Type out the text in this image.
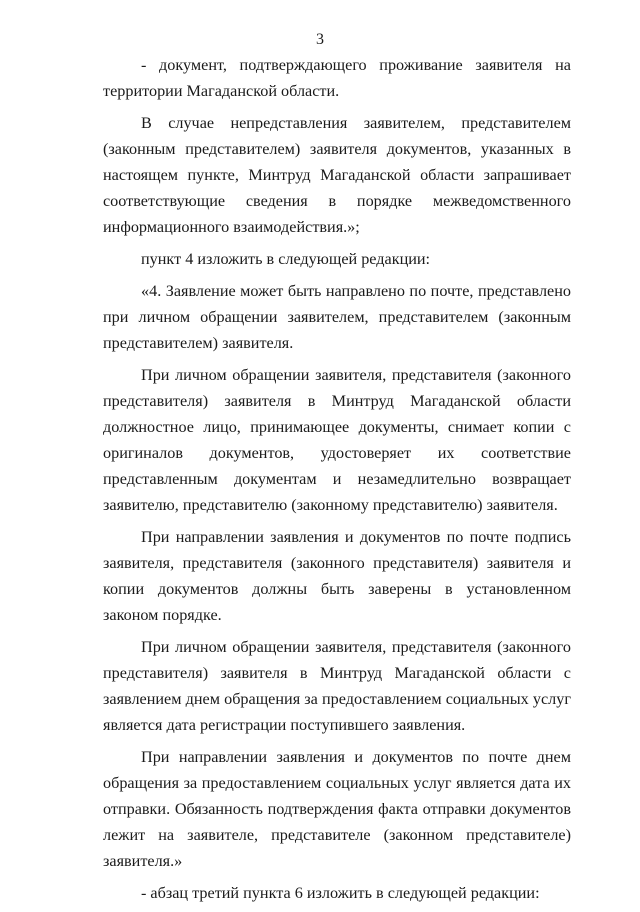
3

- документ, подтверждающего проживание заявителя на территории Магаданской области.

В случае непредставления заявителем, представителем (законным представителем) заявителя документов, указанных в настоящем пункте, Минтруд Магаданской области запрашивает соответствующие сведения в порядке межведомственного информационного взаимодействия.»;

пункт 4 изложить в следующей редакции:

«4. Заявление может быть направлено по почте, представлено при личном обращении заявителем, представителем (законным представителем) заявителя.

При личном обращении заявителя, представителя (законного представителя) заявителя в Минтруд Магаданской области должностное лицо, принимающее документы, снимает копии с оригиналов документов, удостоверяет их соответствие представленным документам и незамедлительно возвращает заявителю, представителю (законному представителю) заявителя.

При направлении заявления и документов по почте подпись заявителя, представителя (законного представителя) заявителя и копии документов должны быть заверены в установленном законом порядке.

При личном обращении заявителя, представителя (законного представителя) заявителя в Минтруд Магаданской области с заявлением днем обращения за предоставлением социальных услуг является дата регистрации поступившего заявления.

При направлении заявления и документов по почте днем обращения за предоставлением социальных услуг является дата их отправки. Обязанность подтверждения факта отправки документов лежит на заявителе, представителе (законном представителе) заявителя.»

- абзац третий пункта 6 изложить в следующей редакции:
